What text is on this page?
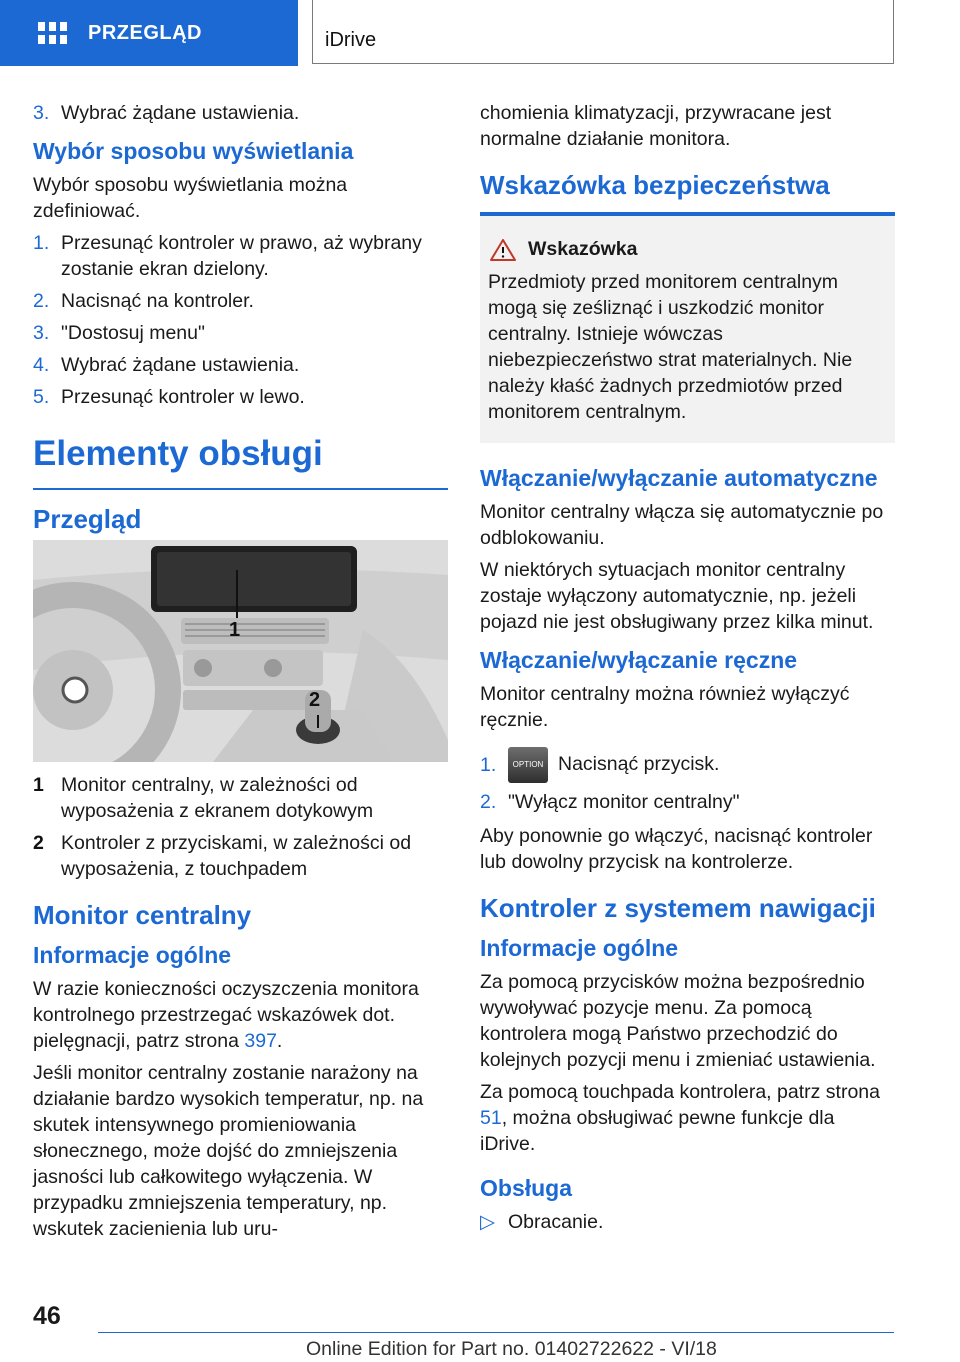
PRZEGLĄD	iDrive
3. Wybrać żądane ustawienia.
Wybór sposobu wyświetlania

Wybór sposobu wyświetlania można zdefiniować.

1. Przesunąć kontroler w prawo, aż wybrany zostanie ekran dzielony.
2. Nacisnąć na kontroler.
3. "Dostosuj menu"
4. Wybrać żądane ustawienia.
5. Przesunąć kontroler w lewo.
Elementy obsługi
Przegląd
1
2
1 Monitor centralny, w zależności od wyposażenia z ekranem dotykowym
2 Kontroler z przyciskami, w zależności od wyposażenia, z touchpadem
Monitor centralny
Informacje ogólne

W razie konieczności oczyszczenia monitora kontrolnego przestrzegać wskazówek dot. pielęgnacji, patrz strona 397.

Jeśli monitor centralny zostanie narażony na działanie bardzo wysokich temperatur, np. na skutek intensywnego promieniowania słonecznego, może dojść do zmniejszenia jasności lub całkowitego wyłączenia. W przypadku zmniejszenia temperatury, np. wskutek zacienienia lub uru-

chomienia klimatyzacji, przywracane jest normalne działanie monitora.

Wskazówka bezpieczeństwa
Wskazówka

Przedmioty przed monitorem centralnym mogą się ześliznąć i uszkodzić monitor centralny. Istnieje wówczas niebezpieczeństwo strat materialnych. Nie należy kłaść żadnych przedmiotów przed monitorem centralnym.

Włączanie/wyłączanie automatyczne

Monitor centralny włącza się automatycznie po odblokowaniu.

W niektórych sytuacjach monitor centralny zostaje wyłączony automatycznie, np. jeżeli pojazd nie jest obsługiwany przez kilka minut.

Włączanie/wyłączanie ręczne

Monitor centralny można również wyłączyć ręcznie.

1.	OPTION Nacisnąć przycisk.
2. "Wyłącz monitor centralny"

Aby ponownie go włączyć, nacisnąć kontroler lub dowolny przycisk na kontrolerze.

Kontroler z systemem nawigacji
Informacje ogólne

Za pomocą przycisków można bezpośrednio wywoływać pozycje menu. Za pomocą kontrolera mogą Państwo przechodzić do kolejnych pozycji menu i zmieniać ustawienia.

Za pomocą touchpada kontrolera, patrz strona 51, można obsługiwać pewne funkcje dla iDrive.

Obsługa
▷ Obracanie.
46
Online Edition for Part no. 01402722622 - VI/18
